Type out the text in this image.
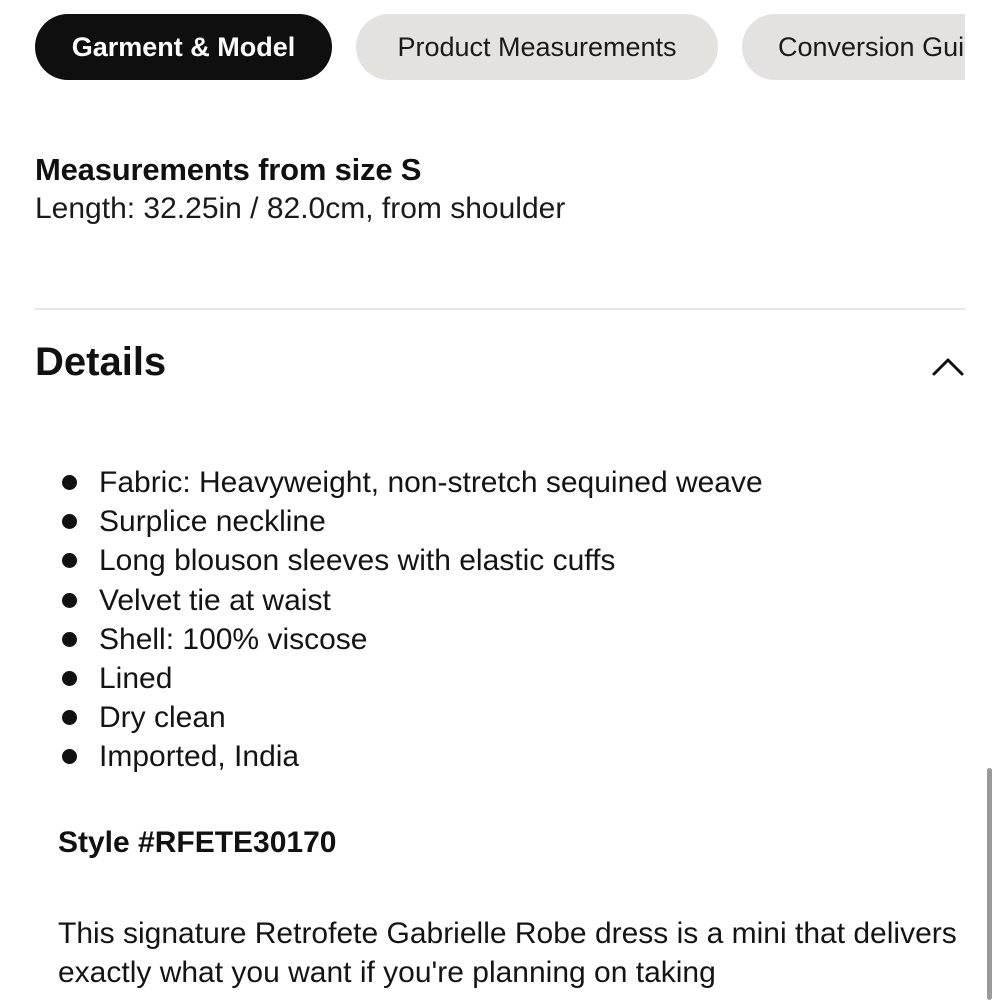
Garment & Model	Product Measurements	Conversion Gui
Measurements from size S
Length: 32.25in / 82.0cm, from shoulder
Details
Fabric: Heavyweight, non-stretch sequined weave
Surplice neckline
Long blouson sleeves with elastic cuffs
Velvet tie at waist
Shell: 100% viscose
Lined
Dry clean
Imported, India
Style #RFETE30170
This signature Retrofete Gabrielle Robe dress is a mini that delivers exactly what you want if you're planning on taking
